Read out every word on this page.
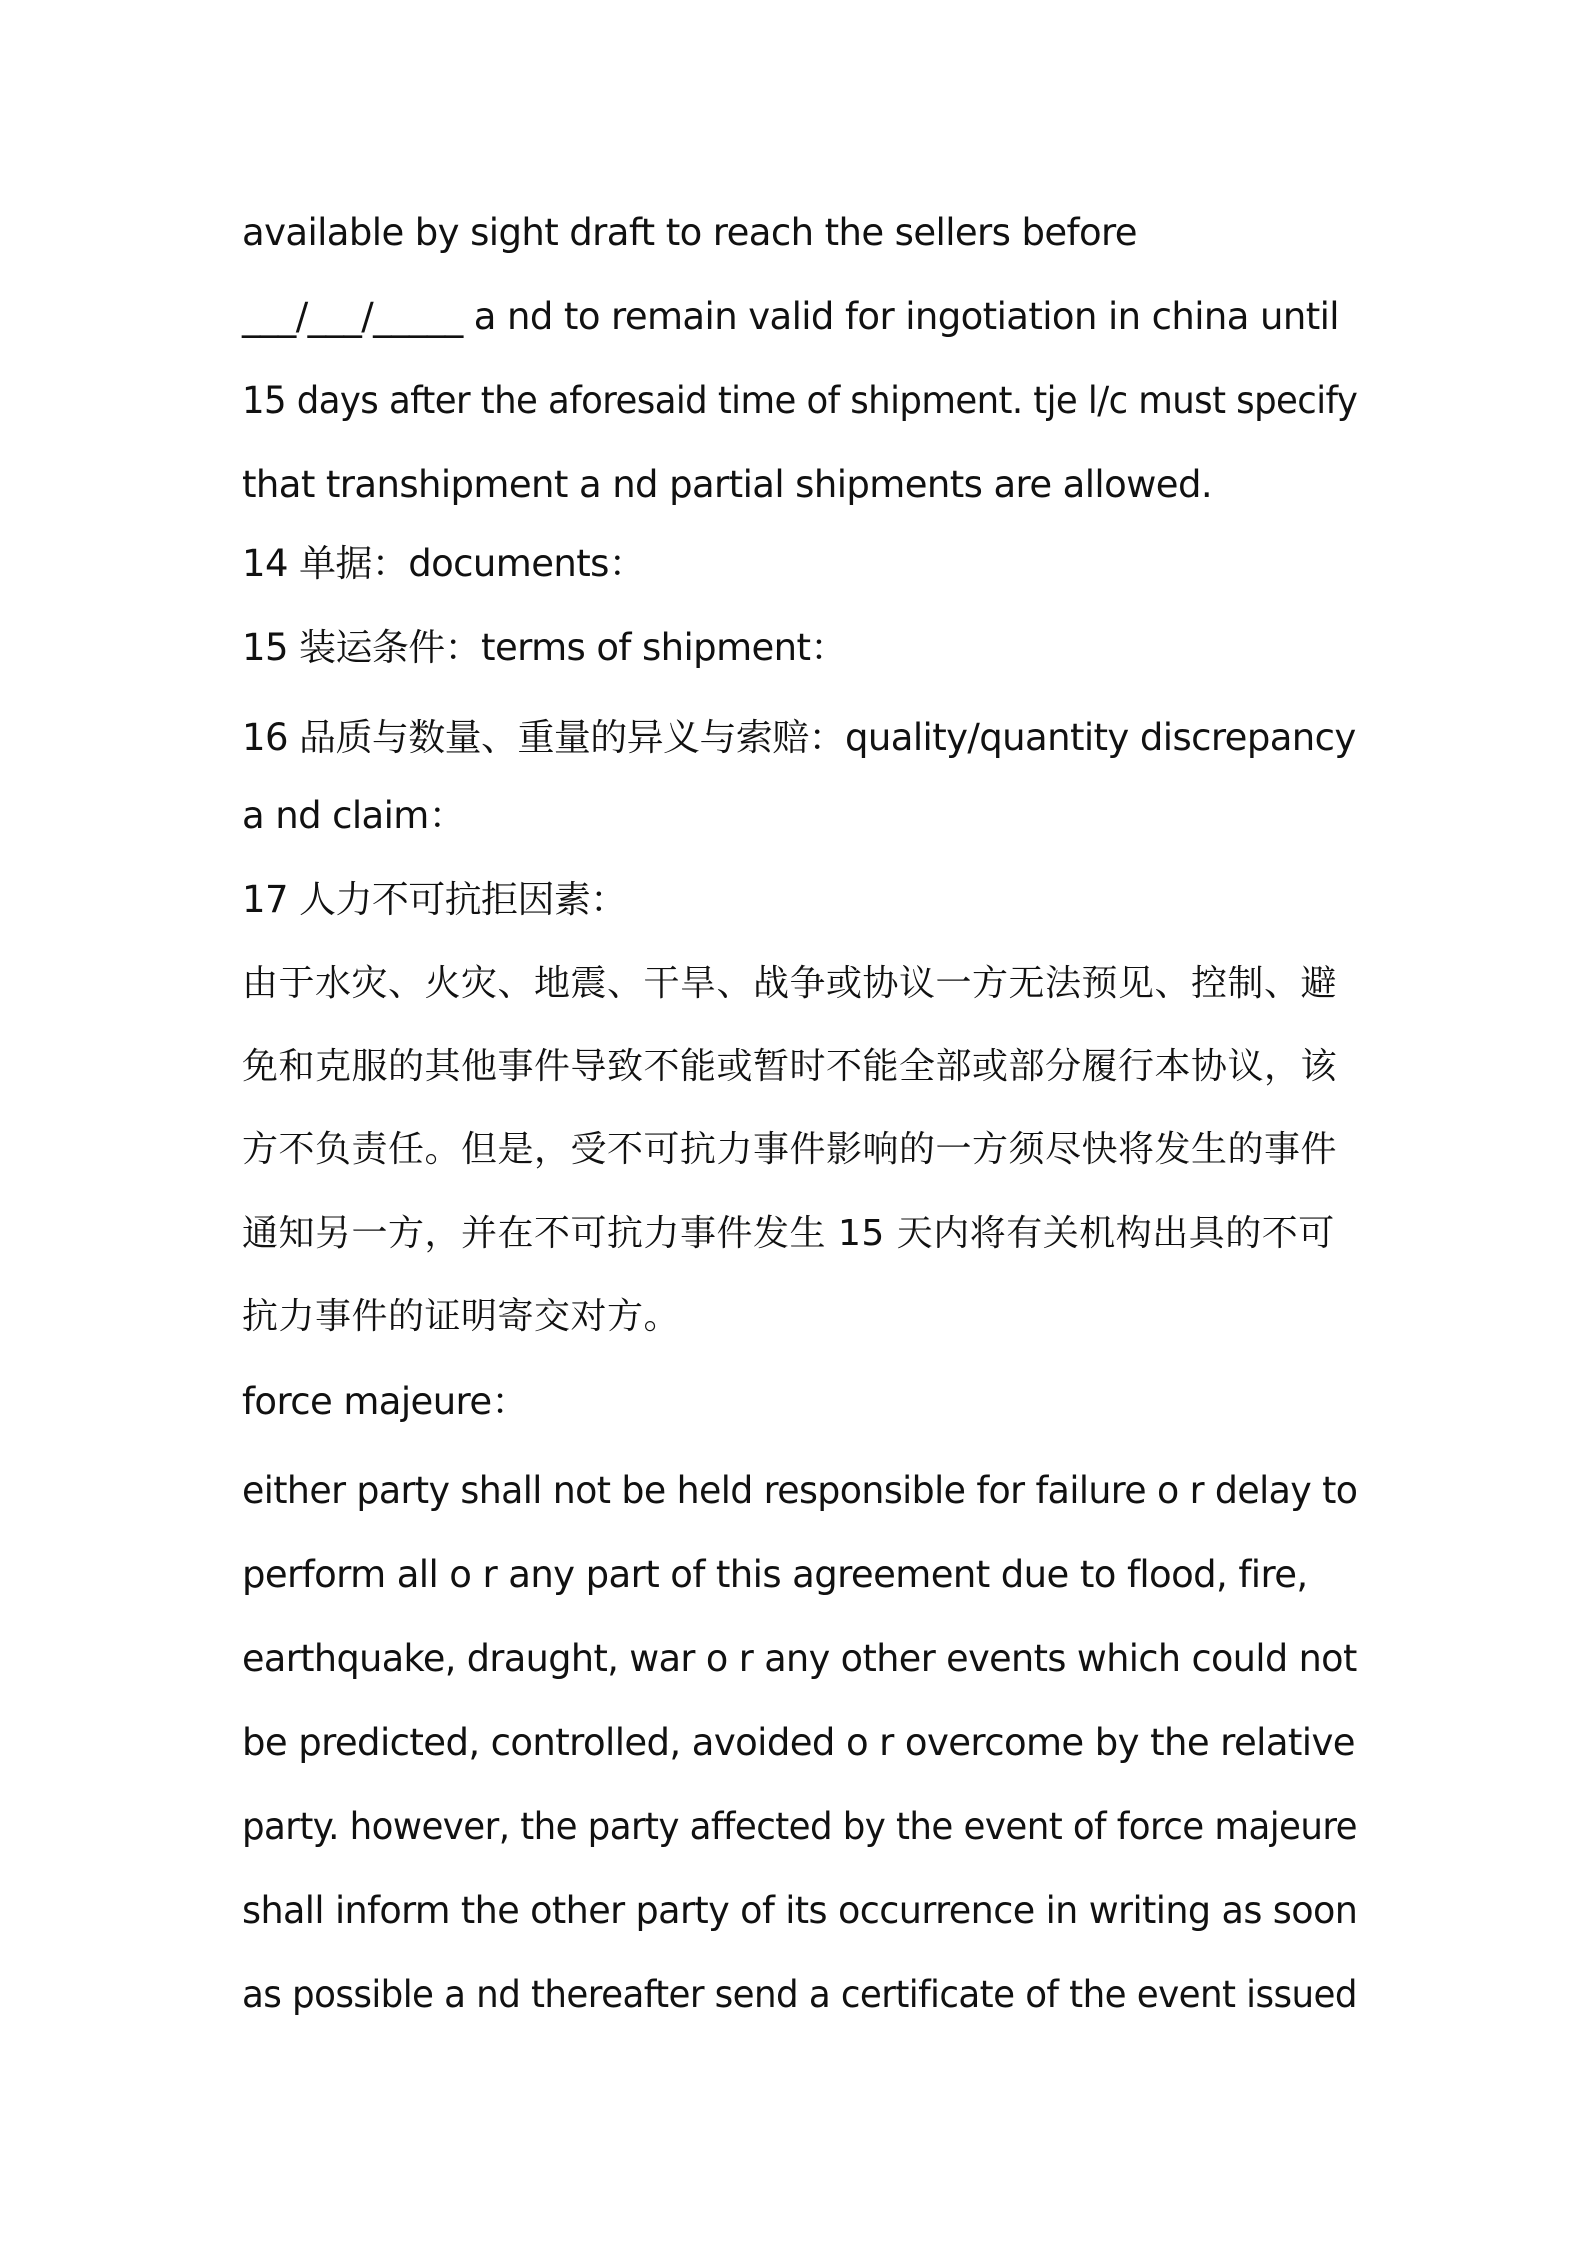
available by sight draft to reach the sellers before
___/___/_____ a nd to remain valid for ingotiation in china until
15 days after the aforesaid time of shipment. tje l/c must specify
that transhipment a nd partial shipments are allowed.
14 单据：documents：
15 装运条件：terms of shipment：
16 品质与数量、重量的异义与索赔：quality/quantity discrepancy
a nd claim：
17 人力不可抗拒因素：
由于水灾、火灾、地震、干旱、战争或协议一方无法预见、控制、避
免和克服的其他事件导致不能或暂时不能全部或部分履行本协议，该
方不负责任。但是，受不可抗力事件影响的一方须尽快将发生的事件
通知另一方，并在不可抗力事件发生 15 天内将有关机构出具的不可
抗力事件的证明寄交对方。
force majeure：
either party shall not be held responsible for failure o r delay to
perform all o r any part of this agreement due to flood, fire,
earthquake, draught, war o r any other events which could not
be predicted, controlled, avoided o r overcome by the relative
party. however, the party affected by the event of force majeure
shall inform the other party of its occurrence in writing as soon
as possible a nd thereafter send a certificate of the event issued
